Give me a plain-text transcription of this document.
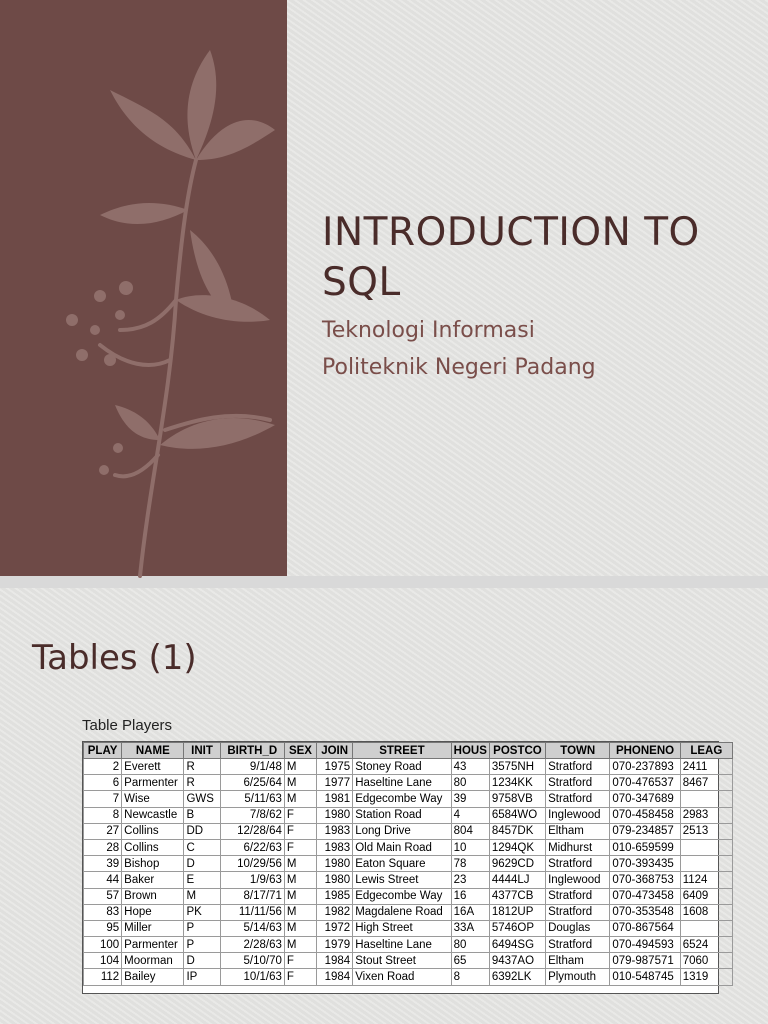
INTRODUCTION TO
SQL
Teknologi Informasi
Politeknik Negeri Padang
Tables (1)
Table Players
PLAY	NAME	INIT	BIRTH_D	SEX	JOIN	STREET	HOUS	POSTCO	TOWN	PHONENO	LEAG
2	Everett	R	9/1/48	M	1975	Stoney Road	43	3575NH	Stratford	070-237893	2411
6	Parmenter	R	6/25/64	M	1977	Haseltine Lane	80	1234KK	Stratford	070-476537	8467
7	Wise	GWS	5/11/63	M	1981	Edgecombe Way	39	9758VB	Stratford	070-347689	
8	Newcastle	B	7/8/62	F	1980	Station Road	4	6584WO	Inglewood	070-458458	2983
27	Collins	DD	12/28/64	F	1983	Long Drive	804	8457DK	Eltham	079-234857	2513
28	Collins	C	6/22/63	F	1983	Old Main Road	10	1294QK	Midhurst	010-659599	
39	Bishop	D	10/29/56	M	1980	Eaton Square	78	9629CD	Stratford	070-393435	
44	Baker	E	1/9/63	M	1980	Lewis Street	23	4444LJ	Inglewood	070-368753	1124
57	Brown	M	8/17/71	M	1985	Edgecombe Way	16	4377CB	Stratford	070-473458	6409
83	Hope	PK	11/11/56	M	1982	Magdalene Road	16A	1812UP	Stratford	070-353548	1608
95	Miller	P	5/14/63	M	1972	High Street	33A	5746OP	Douglas	070-867564	
100	Parmenter	P	2/28/63	M	1979	Haseltine Lane	80	6494SG	Stratford	070-494593	6524
104	Moorman	D	5/10/70	F	1984	Stout Street	65	9437AO	Eltham	079-987571	7060
112	Bailey	IP	10/1/63	F	1984	Vixen Road	8	6392LK	Plymouth	010-548745	1319
